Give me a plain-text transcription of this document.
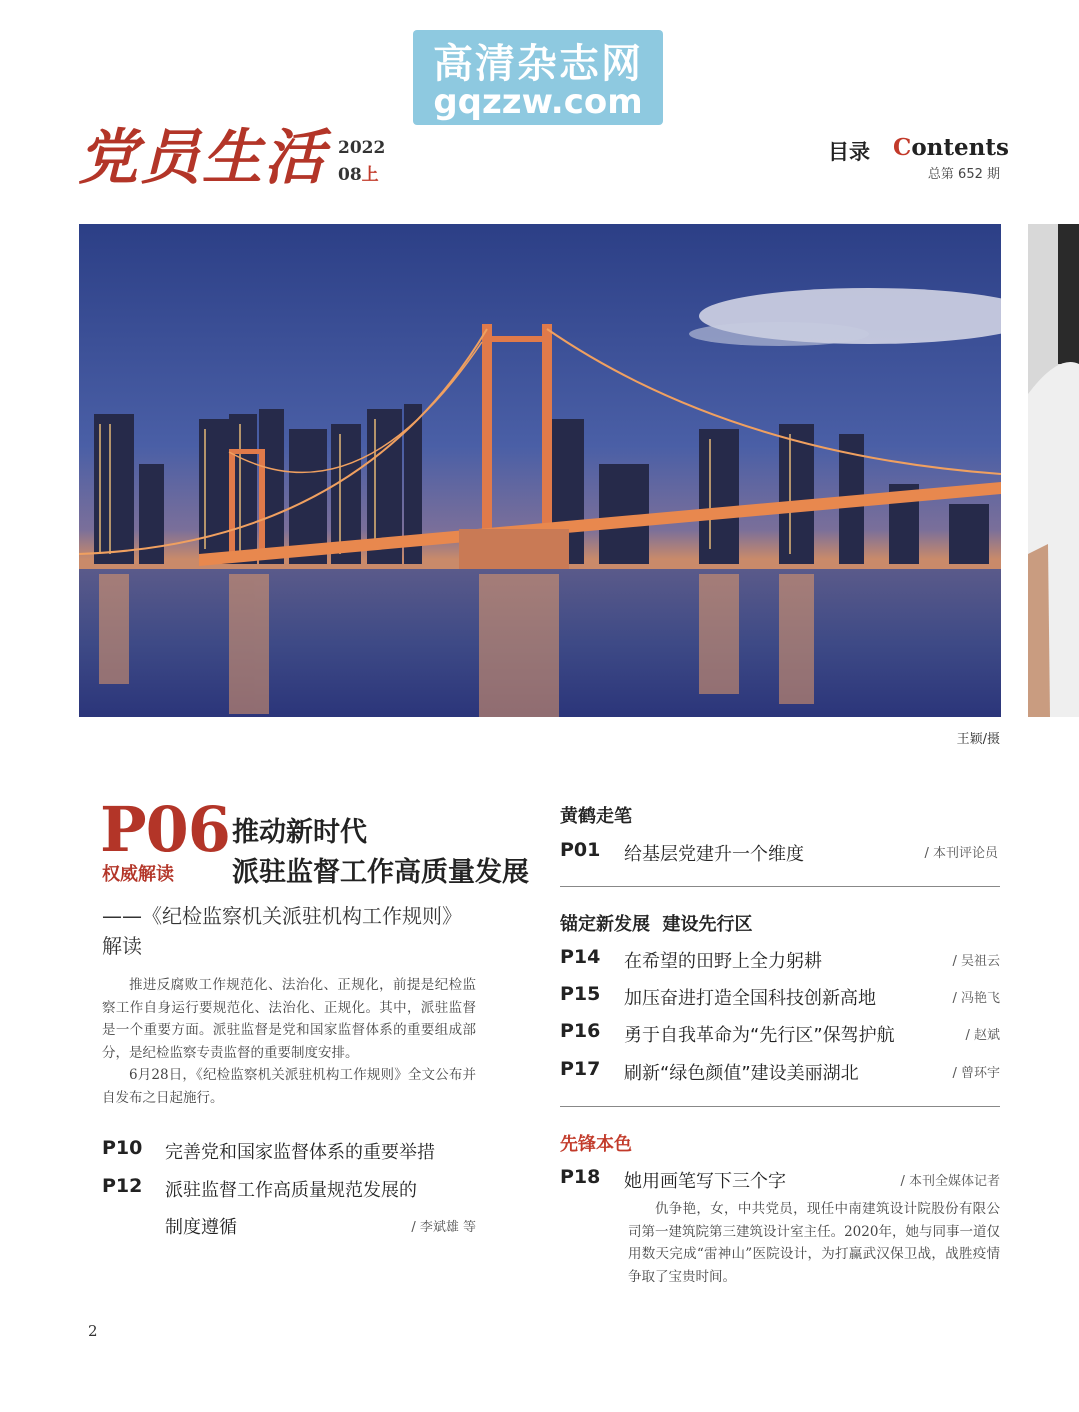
高清杂志网
gqzzw.com
党员生活 2022
08上
目录 Contents
总第 652 期
王颖/摄
P06
权威解读
推动新时代
派驻监督工作高质量发展
——《纪检监察机关派驻机构工作规则》
解读

推进反腐败工作规范化、法治化、正规化，前提是纪检监察工作自身运行要规范化、法治化、正规化。其中，派驻监督是一个重要方面。派驻监督是党和国家监督体系的重要组成部分，是纪检监察专责监督的重要制度安排。

6月28日，《纪检监察机关派驻机构工作规则》全文公布并自发布之日起施行。

P10 完善党和国家监督体系的重要举措
P12 派驻监督工作高质量规范发展的
制度遵循	/ 李斌雄 等
黄鹤走笔
P01 给基层党建升一个维度	/ 本刊评论员
锚定新发展  建设先行区
P14 在希望的田野上全力躬耕	/ 吴祖云
P15 加压奋进打造全国科技创新高地	/ 冯艳飞
P16 勇于自我革命为“先行区”保驾护航	/ 赵斌
P17 刷新“绿色颜值”建设美丽湖北	/ 曾环宇
先锋本色
P18 她用画笔写下三个字	/ 本刊全媒体记者

仇争艳，女，中共党员，现任中南建筑设计院股份有限公司第一建筑院第三建筑设计室主任。2020年，她与同事一道仅用数天完成“雷神山”医院设计，为打赢武汉保卫战，战胜疫情争取了宝贵时间。

2
